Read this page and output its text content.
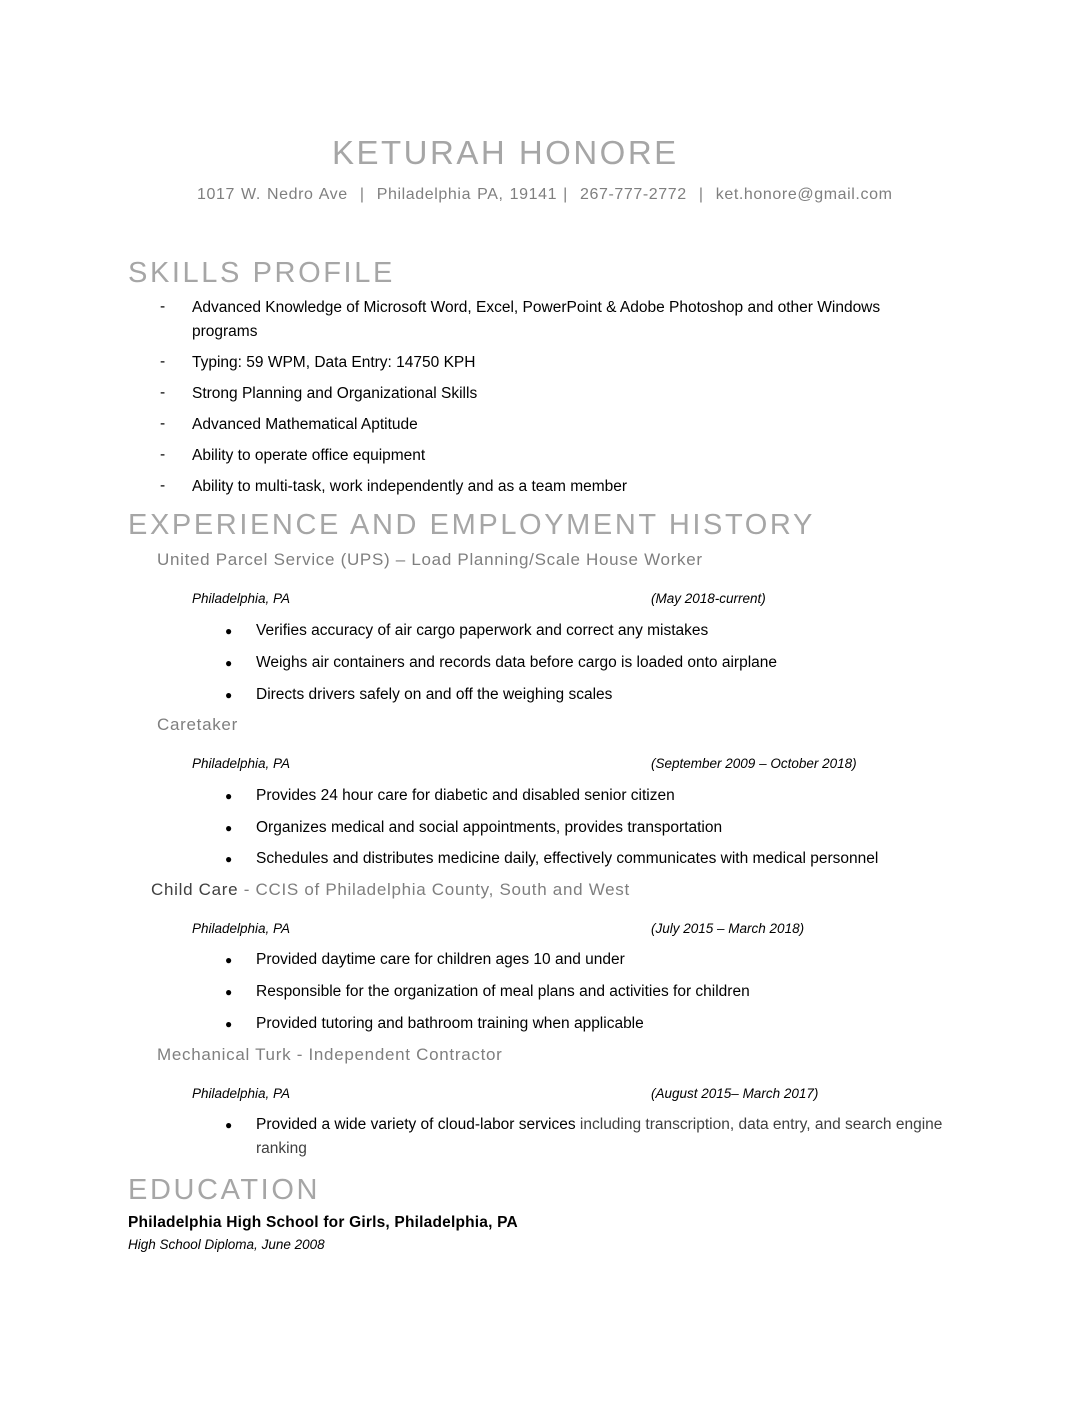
KETURAH HONORE
1017 W. Nedro Ave  |  Philadelphia PA, 19141 |  267-777-2772  |  ket.honore@gmail.com
SKILLS PROFILE
- Advanced Knowledge of Microsoft Word, Excel, PowerPoint & Adobe Photoshop and other Windows programs
- Typing: 59 WPM, Data Entry: 14750 KPH
- Strong Planning and Organizational Skills
- Advanced Mathematical Aptitude
- Ability to operate office equipment
- Ability to multi-task, work independently and as a team member
EXPERIENCE AND EMPLOYMENT HISTORY
United Parcel Service (UPS) – Load Planning/Scale House Worker
Philadelphia, PA	(May 2018-current)
● Verifies accuracy of air cargo paperwork and correct any mistakes
● Weighs air containers and records data before cargo is loaded onto airplane
● Directs drivers safely on and off the weighing scales
Caretaker
Philadelphia, PA	(September 2009 – October 2018)
● Provides 24 hour care for diabetic and disabled senior citizen
● Organizes medical and social appointments, provides transportation
● Schedules and distributes medicine daily, effectively communicates with medical personnel
Child Care - CCIS of Philadelphia County, South and West
Philadelphia, PA	(July 2015 – March 2018)
● Provided daytime care for children ages 10 and under
● Responsible for the organization of meal plans and activities for children
● Provided tutoring and bathroom training when applicable
Mechanical Turk - Independent Contractor
Philadelphia, PA	(August 2015– March 2017)
● Provided a wide variety of cloud-labor services including transcription, data entry, and search engine ranking
EDUCATION
Philadelphia High School for Girls, Philadelphia, PA
High School Diploma, June 2008
